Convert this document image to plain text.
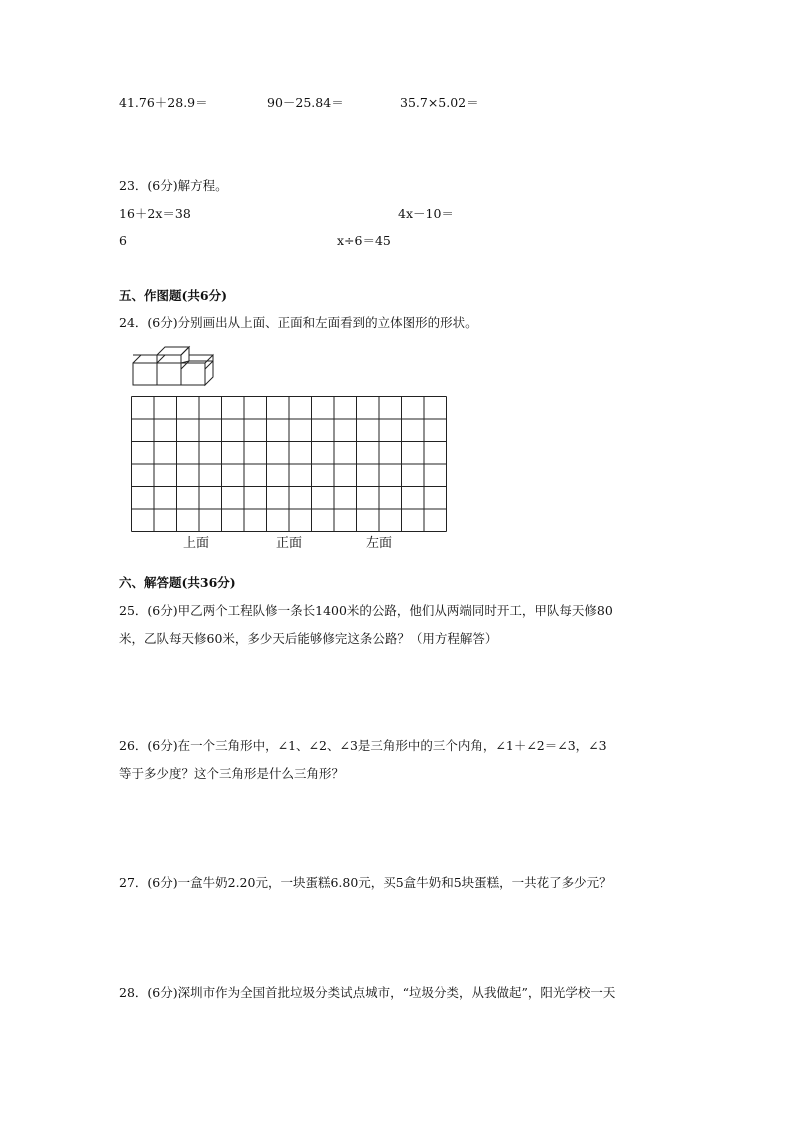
41.76＋28.9＝	90－25.84＝	35.7×5.02＝
23．(6分)解方程。
16＋2x＝38	4x－10＝
6	x÷6＝45
五、作图题(共6分)
24．(6分)分别画出从上面、正面和左面看到的立体图形的形状。
上面	正面	左面
六、解答题(共36分)
25．(6分)甲乙两个工程队修一条长1400米的公路，他们从两端同时开工，甲队每天修80
米，乙队每天修60米，多少天后能够修完这条公路？（用方程解答）
26．(6分)在一个三角形中，∠1、∠2、∠3是三角形中的三个内角，∠1＋∠2＝∠3，∠3
等于多少度？这个三角形是什么三角形？
27．(6分)一盒牛奶2.20元，一块蛋糕6.80元，买5盒牛奶和5块蛋糕，一共花了多少元？
28．(6分)深圳市作为全国首批垃圾分类试点城市，“垃圾分类，从我做起”，阳光学校一天
